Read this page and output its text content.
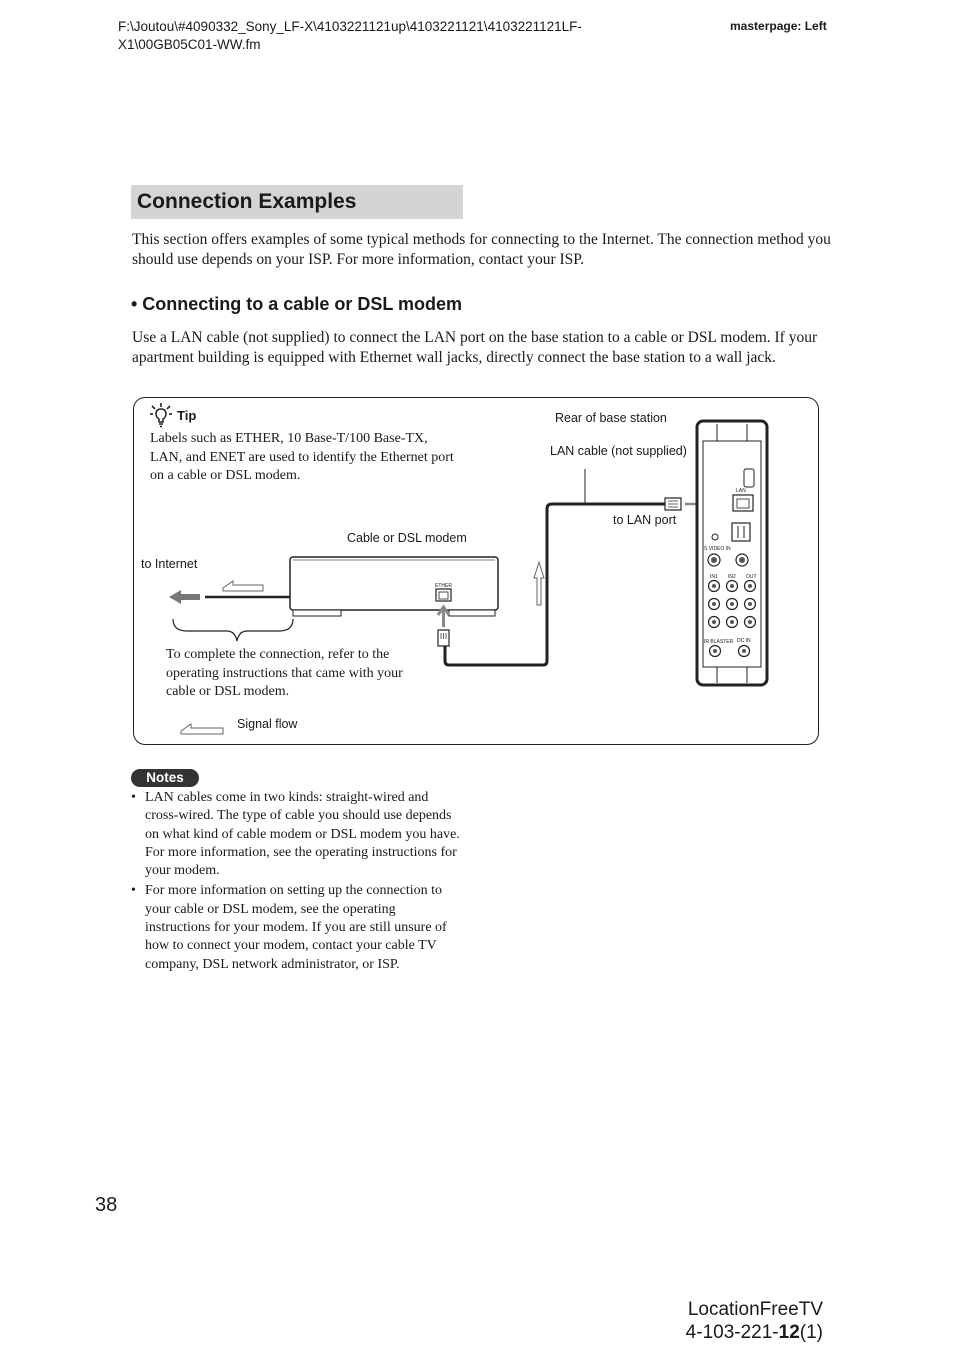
F:\Joutou\#4090332_Sony_LF-X\4103221121up\4103221121\4103221121LF-X1\00GB05C01-WW.fm
masterpage: Left
Connection Examples
This section offers examples of some typical methods for connecting to the Internet. The connection method you should use depends on your ISP. For more information, contact your ISP.
• Connecting to a cable or DSL modem
Use a LAN cable (not supplied) to connect the LAN port on the base station to a cable or DSL modem. If your apartment building is equipped with Ethernet wall jacks, directly connect the base station to a wall jack.
LAN
S VIDEO IN
IN1 IN2 OUT
IR BLASTER DC IN
ETHER
Tip
Labels such as ETHER, 10 Base-T/100 Base-TX, LAN, and ENET are used to identify the Ethernet port on a cable or DSL modem.
Rear of base station
LAN cable (not supplied)
to LAN port
Cable or DSL modem
to Internet
To complete the connection, refer to the operating instructions that came with your cable or DSL modem.
Signal flow
Notes
• LAN cables come in two kinds: straight-wired and cross-wired. The type of cable you should use depends on what kind of cable modem or DSL modem you have. For more information, see the operating instructions for your modem.
• For more information on setting up the connection to your cable or DSL modem, see the operating instructions for your modem. If you are still unsure of how to connect your modem, contact your cable TV company, DSL network administrator, or ISP.
38
LocationFreeTV
4-103-221-12(1)
